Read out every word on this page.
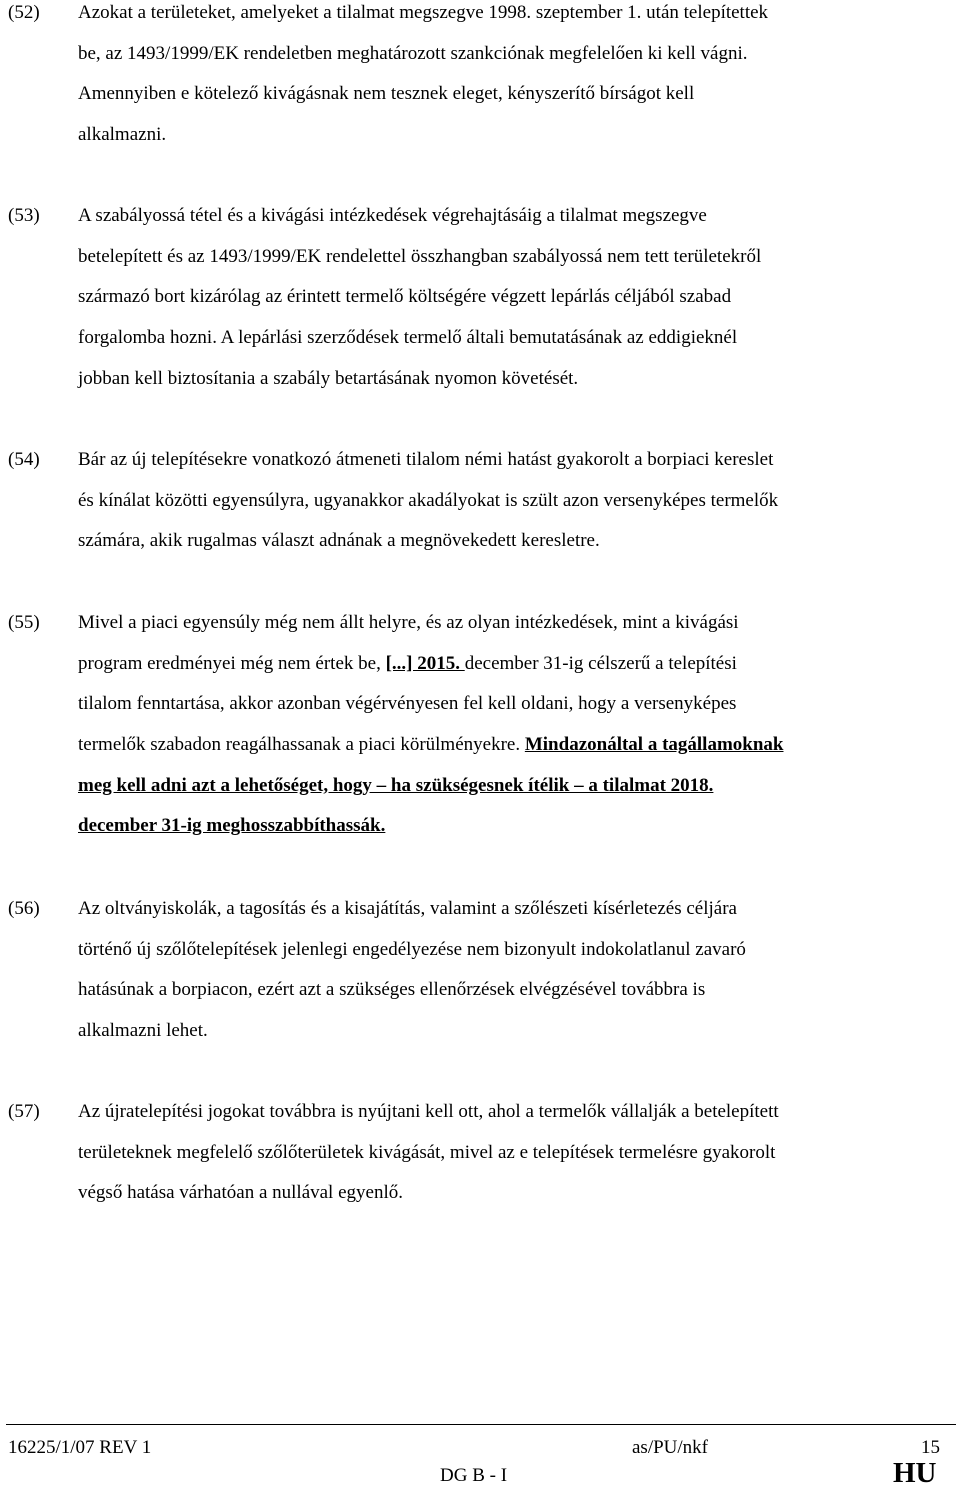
(52) Azokat a területeket, amelyeket a tilalmat megszegve 1998. szeptember 1. után telepítettek
be, az 1493/1999/EK rendeletben meghatározott szankciónak megfelelően ki kell vágni.
Amennyiben e kötelező kivágásnak nem tesznek eleget, kényszerítő bírságot kell
alkalmazni.
(53) A szabályossá tétel és a kivágási intézkedések végrehajtásáig a tilalmat megszegve
betelepített és az 1493/1999/EK rendelettel összhangban szabályossá nem tett területekről
származó bort kizárólag az érintett termelő költségére végzett lepárlás céljából szabad
forgalomba hozni. A lepárlási szerződések termelő általi bemutatásának az eddigieknél
jobban kell biztosítania a szabály betartásának nyomon követését.
(54) Bár az új telepítésekre vonatkozó átmeneti tilalom némi hatást gyakorolt a borpiaci kereslet
és kínálat közötti egyensúlyra, ugyanakkor akadályokat is szült azon versenyképes termelők
számára, akik rugalmas választ adnának a megnövekedett keresletre.
(55) Mivel a piaci egyensúly még nem állt helyre, és az olyan intézkedések, mint a kivágási
program eredményei még nem értek be, [...] 2015. december 31-ig célszerű a telepítési
tilalom fenntartása, akkor azonban végérvényesen fel kell oldani, hogy a versenyképes
termelők szabadon reagálhassanak a piaci körülményekre. Mindazonáltal a tagállamoknak
meg kell adni azt a lehetőséget, hogy – ha szükségesnek ítélik – a tilalmat 2018.
december 31-ig meghosszabbíthassák.
(56) Az oltványiskolák, a tagosítás és a kisajátítás, valamint a szőlészeti kísérletezés céljára
történő új szőlőtelepítések jelenlegi engedélyezése nem bizonyult indokolatlanul zavaró
hatásúnak a borpiacon, ezért azt a szükséges ellenőrzések elvégzésével továbbra is
alkalmazni lehet.
(57) Az újratelepítési jogokat továbbra is nyújtani kell ott, ahol a termelők vállalják a betelepített
területeknek megfelelő szőlőterületek kivágását, mivel az e telepítések termelésre gyakorolt
végső hatása várhatóan a nullával egyenlő.
16225/1/07 REV 1	as/PU/nkf	15
DG B - I	HU
